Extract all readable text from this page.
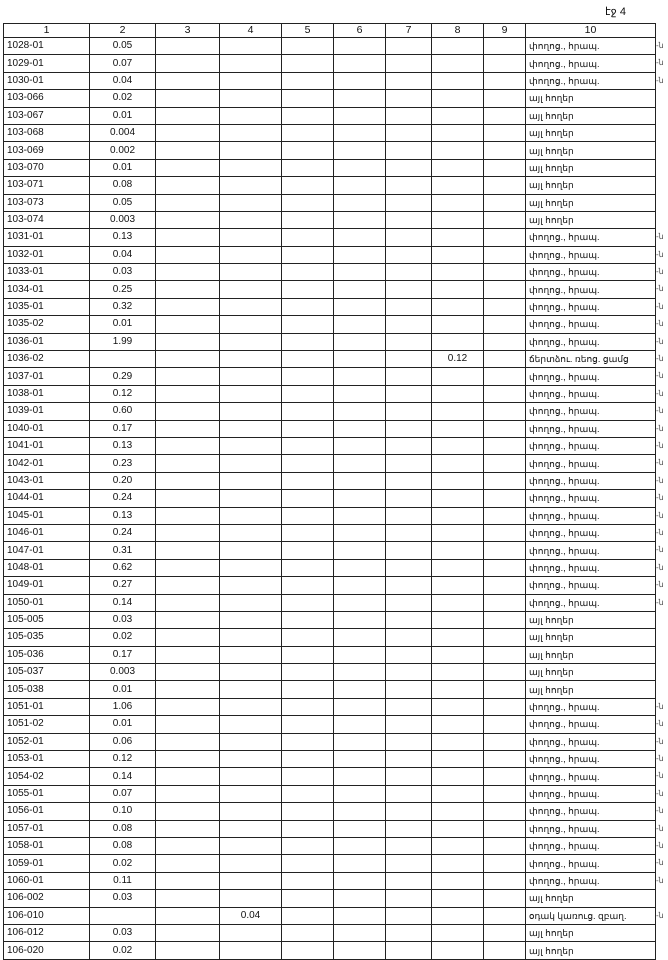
էջ 4
1	2	3	4	5	6	7	8	9	10
1028-01	0.05								փողոց., հրապ.
1029-01	0.07								փողոց., հրապ.
1030-01	0.04								փողոց., հրապ.
103-066	0.02								այլ հողեր
103-067	0.01								այլ հողեր
103-068	0.004								այլ հողեր
103-069	0.002								այլ հողեր
103-070	0.01								այլ հողեր
103-071	0.08								այլ հողեր
103-073	0.05								այլ հողեր
103-074	0.003								այլ հողեր
1031-01	0.13								փողոց., հրապ.
1032-01	0.04								փողոց., հրապ.
1033-01	0.03								փողոց., հրապ.
1034-01	0.25								փողոց., հրապ.
1035-01	0.32								փողոց., հրապ.
1035-02	0.01								փողոց., հրապ.
1036-01	1.99								փողոց., հրապ.
1036-02							0.12		ճերտձու. ռեոց. ցամց
1037-01	0.29								փողոց., հրապ.
1038-01	0.12								փողոց., հրապ.
1039-01	0.60								փողոց., հրապ.
1040-01	0.17								փողոց., հրապ.
1041-01	0.13								փողոց., հրապ.
1042-01	0.23								փողոց., հրապ.
1043-01	0.20								փողոց., հրապ.
1044-01	0.24								փողոց., հրապ.
1045-01	0.13								փողոց., հրապ.
1046-01	0.24								փողոց., հրապ.
1047-01	0.31								փողոց., հրապ.
1048-01	0.62								փողոց., հրապ.
1049-01	0.27								փողոց., հրապ.
1050-01	0.14								փողոց., հրապ.
105-005	0.03								այլ հողեր
105-035	0.02								այլ հողեր
105-036	0.17								այլ հողեր
105-037	0.003								այլ հողեր
105-038	0.01								այլ հողեր
1051-01	1.06								փողոց., հրապ.
1051-02	0.01								փողոց., հրապ.
1052-01	0.06								փողոց., հրապ.
1053-01	0.12								փողոց., հրապ.
1054-02	0.14								փողոց., հրապ.
1055-01	0.07								փողոց., հրապ.
1056-01	0.10								փողոց., հրապ.
1057-01	0.08								փողոց., հրապ.
1058-01	0.08								փողոց., հրապ.
1059-01	0.02								փողոց., հրապ.
1060-01	0.11								փողոց., հրապ.
106-002	0.03								այլ հողեր
106-010			0.04						օդակ կառուց. զբաղ.
106-012	0.03								այլ հողեր
106-020	0.02								այլ հողեր
-ն
-ն
-ն
-ն
-ն
-ն
-ն
-ն
-ն
-ն
-ն
-ն
-ն
-ն
-ն
-ն
-ն
-ն
-ն
-ն
-ն
-ն
-ն
-ն
-ն
-ն
-ն
-ն
-ն
-ն
-ն
-ն
-ն
-ն
-ն
-ն
-ն
